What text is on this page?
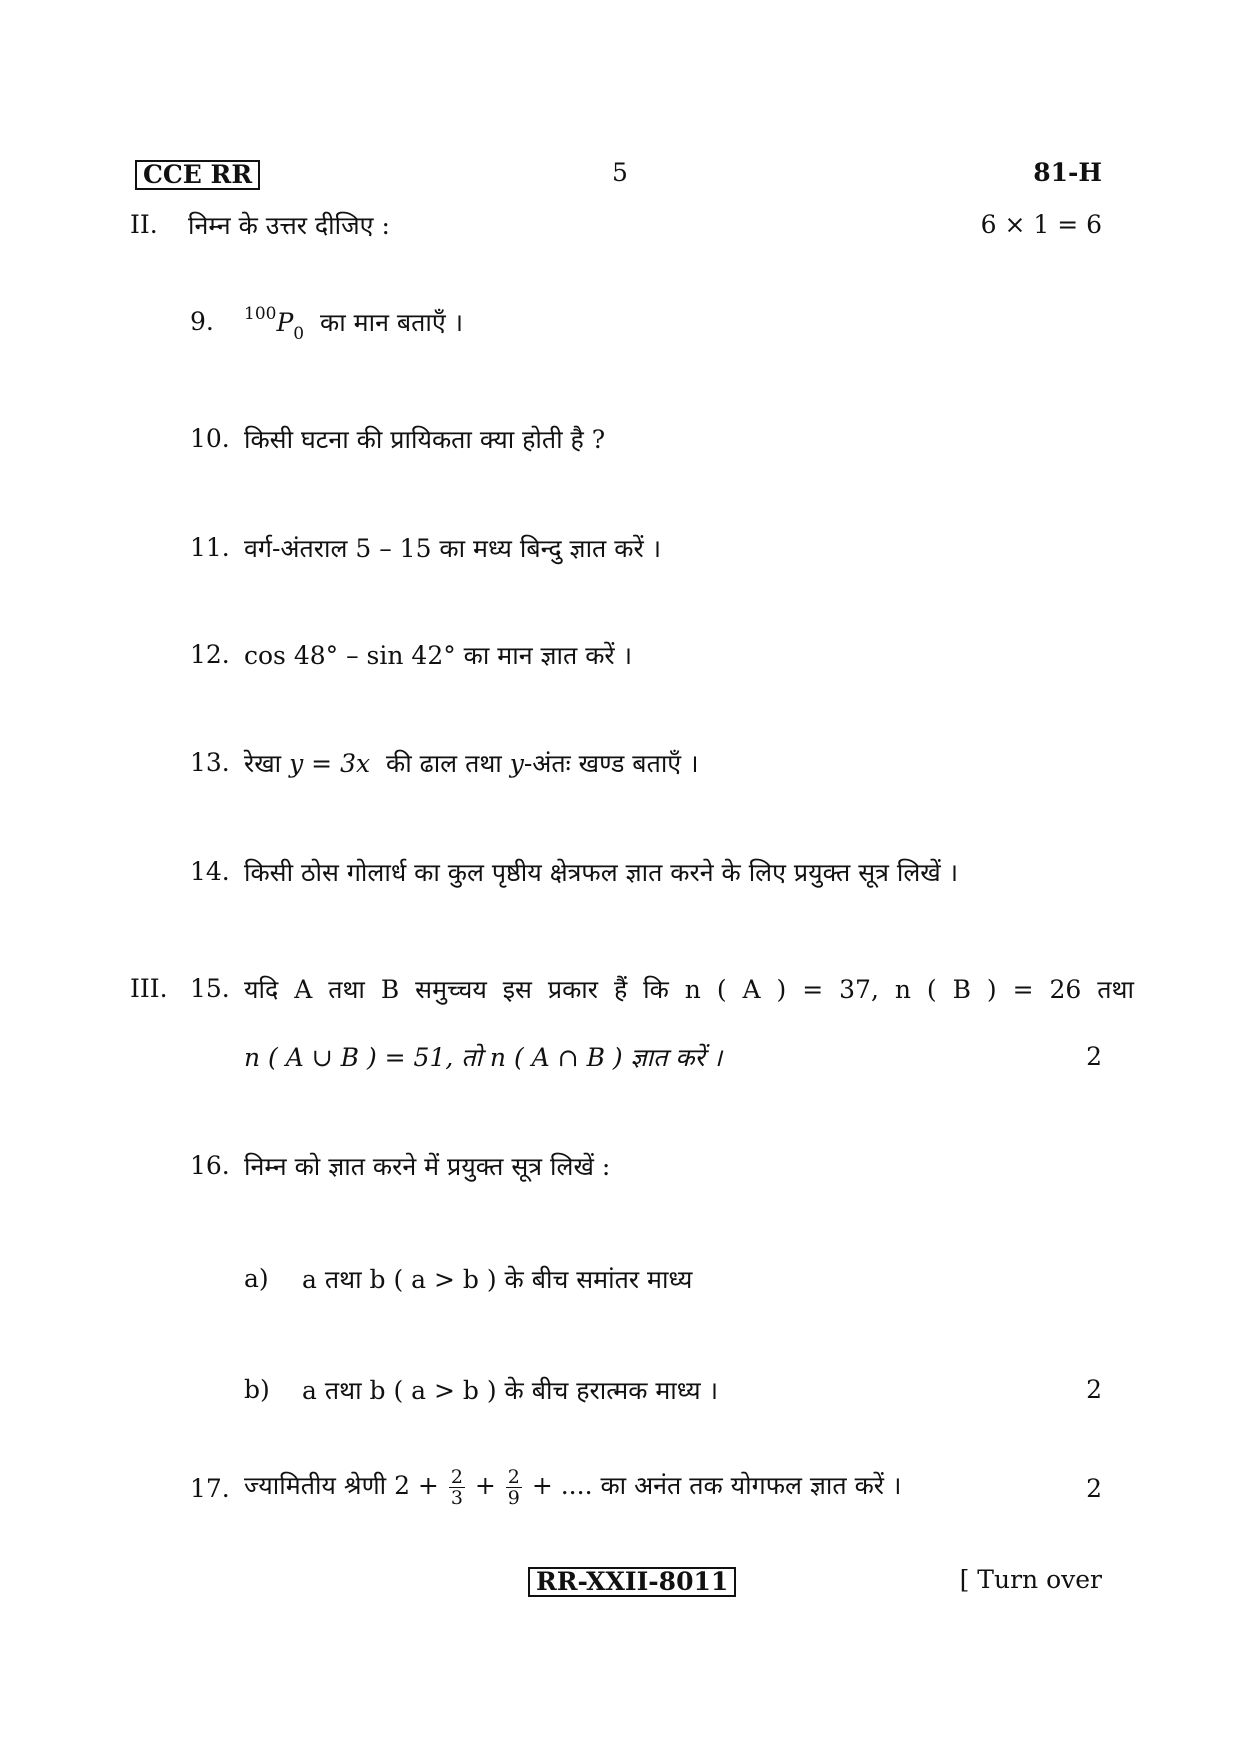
CCE RR	5	81-H
II. निम्न के उत्तर दीजिए :	6 × 1 = 6
9. $^{100}P_0$ का मान बताएँ ।
10. किसी घटना की प्रायिकता क्या होती है ?
11. वर्ग-अंतराल 5 – 15 का मध्य बिन्दु ज्ञात करें ।
12. cos 48° – sin 42° का मान ज्ञात करें ।
13. रेखा y = 3x की ढाल तथा y-अंतः खण्ड बताएँ ।
14. किसी ठोस गोलार्ध का कुल पृष्ठीय क्षेत्रफल ज्ञात करने के लिए प्रयुक्त सूत्र लिखें ।
III. 15. यदि A तथा B समुच्चय इस प्रकार हैं कि n ( A ) = 37, n ( B ) = 26 तथा
n ( A ∪ B ) = 51, तो n ( A ∩ B ) ज्ञात करें ।	2
16. निम्न को ज्ञात करने में प्रयुक्त सूत्र लिखें :
a) a तथा b ( a > b ) के बीच समांतर माध्य
b) a तथा b ( a > b ) के बीच हरात्मक माध्य ।	2
17. ज्यामितीय श्रेणी $2 + \frac{2}{3} + \frac{2}{9}$ + .... का अनंत तक योगफल ज्ञात करें ।	2
RR-XXII-8011	[ Turn over
